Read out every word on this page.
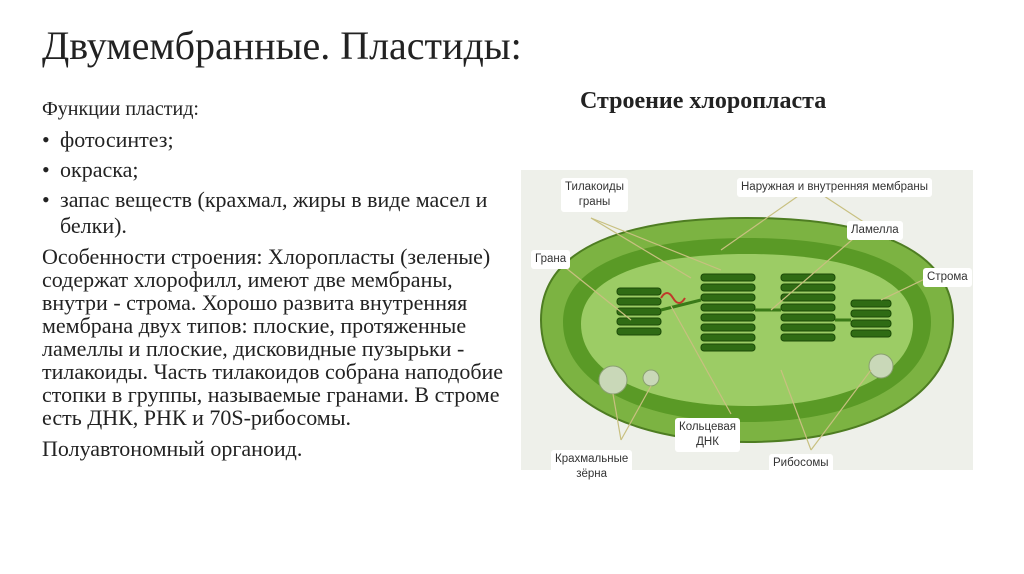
Двумембранные. Пластиды:

Функции пластид:

• фотосинтез;
• окраска;
• запас веществ (крахмал, жиры в виде масел и белки).

Особенности строения: Хлоропласты (зеленые) содержат хлорофилл, имеют две мембраны, внутри - строма. Хорошо развита внутренняя мембрана двух типов: плоские, протяженные ламеллы и плоские, дисковидные пузырьки - тилакоиды. Часть тилакоидов собрана наподобие стопки в группы, называемые гранами. В строме есть ДНК, РНК и 70S-рибосомы.

Полуавтономный органоид.

Строение хлоропласта
Тилакоиды
граны
Наружная и внутренняя мембраны
Ламелла
Грана
Строма
Кольцевая
ДНК
Крахмальные
зёрна
Рибосомы
